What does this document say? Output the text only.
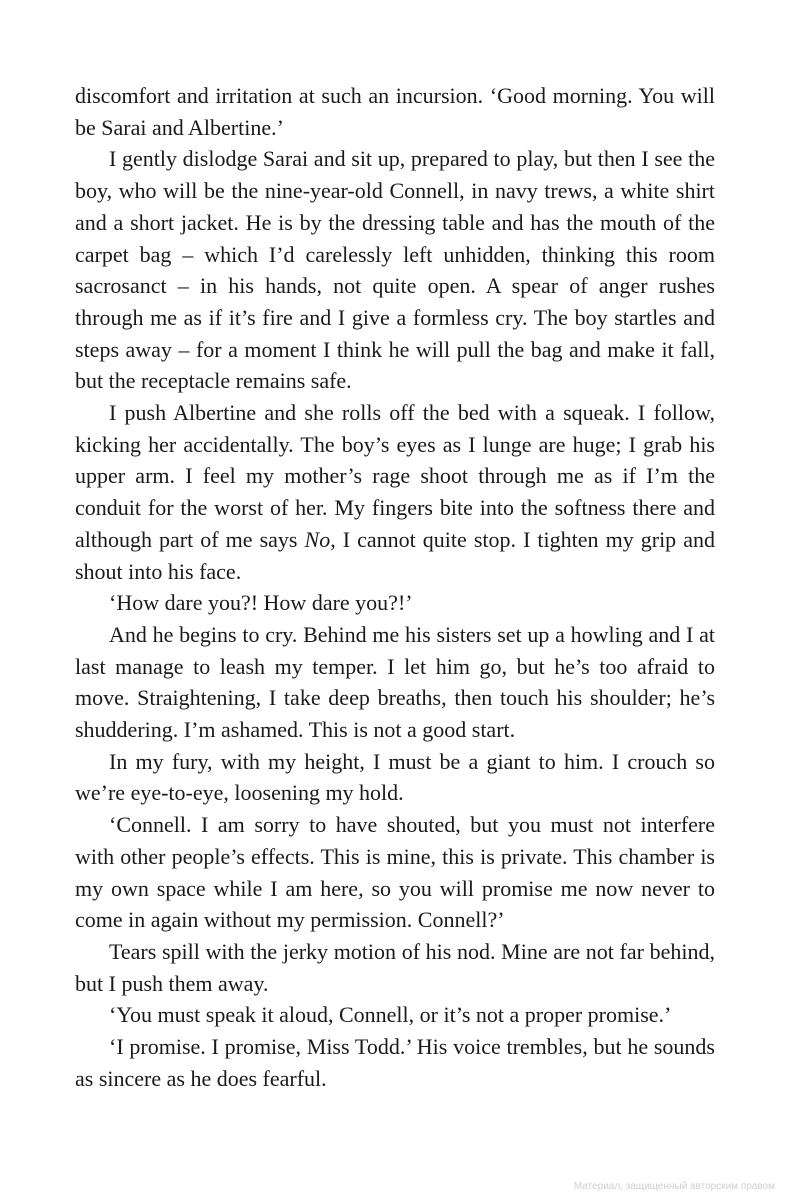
discomfort and irritation at such an incursion. ‘Good morning. You will be Sarai and Albertine.’

I gently dislodge Sarai and sit up, prepared to play, but then I see the boy, who will be the nine-year-old Connell, in navy trews, a white shirt and a short jacket. He is by the dressing table and has the mouth of the carpet bag – which I’d carelessly left unhidden, thinking this room sacrosanct – in his hands, not quite open. A spear of anger rushes through me as if it’s fire and I give a formless cry. The boy startles and steps away – for a moment I think he will pull the bag and make it fall, but the receptacle remains safe.

I push Albertine and she rolls off the bed with a squeak. I follow, kicking her accidentally. The boy’s eyes as I lunge are huge; I grab his upper arm. I feel my mother’s rage shoot through me as if I’m the conduit for the worst of her. My fingers bite into the softness there and although part of me says No, I cannot quite stop. I tighten my grip and shout into his face.

‘How dare you?! How dare you?!’

And he begins to cry. Behind me his sisters set up a howling and I at last manage to leash my temper. I let him go, but he’s too afraid to move. Straightening, I take deep breaths, then touch his shoulder; he’s shuddering. I’m ashamed. This is not a good start.

In my fury, with my height, I must be a giant to him. I crouch so we’re eye-to-eye, loosening my hold.

‘Connell. I am sorry to have shouted, but you must not interfere with other people’s effects. This is mine, this is private. This chamber is my own space while I am here, so you will promise me now never to come in again without my permission. Connell?’

Tears spill with the jerky motion of his nod. Mine are not far behind, but I push them away.

‘You must speak it aloud, Connell, or it’s not a proper promise.’

‘I promise. I promise, Miss Todd.’ His voice trembles, but he sounds as sincere as he does fearful.

Материал, защищенный авторским правом
